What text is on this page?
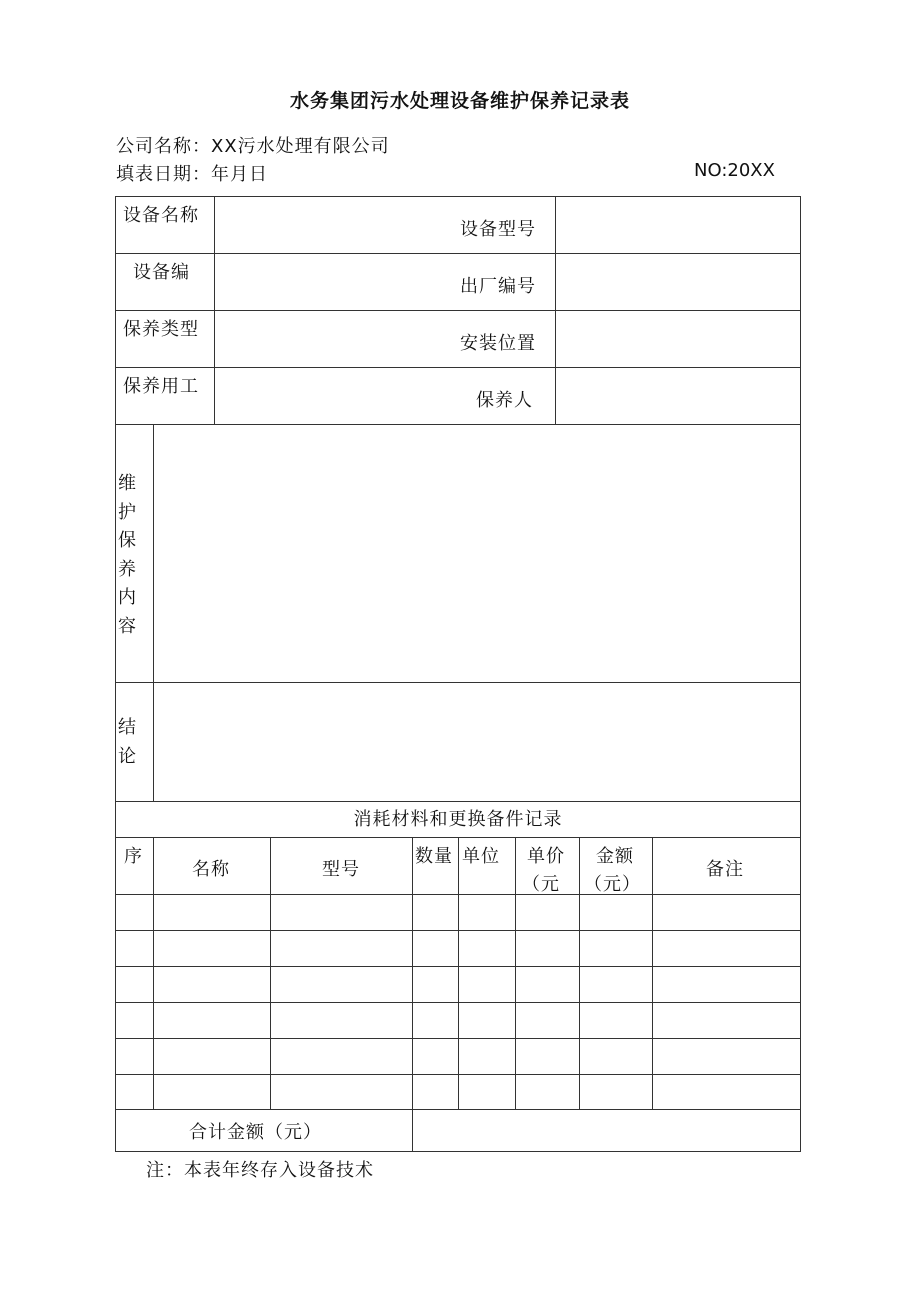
水务集团污水处理设备维护保养记录表
公司名称：XX污水处理有限公司
填表日期：年月日	NO:20XX
设备名称
设备型号
设备编
出厂编号
保养类型
安装位置
保养用工
保养人
维护保养内容
结论
消耗材料和更换备件记录
序
名称	型号
数量 单位 单价
（元
金额
（元）
备注
合计金额（元）
注：本表年终存入设备技术
